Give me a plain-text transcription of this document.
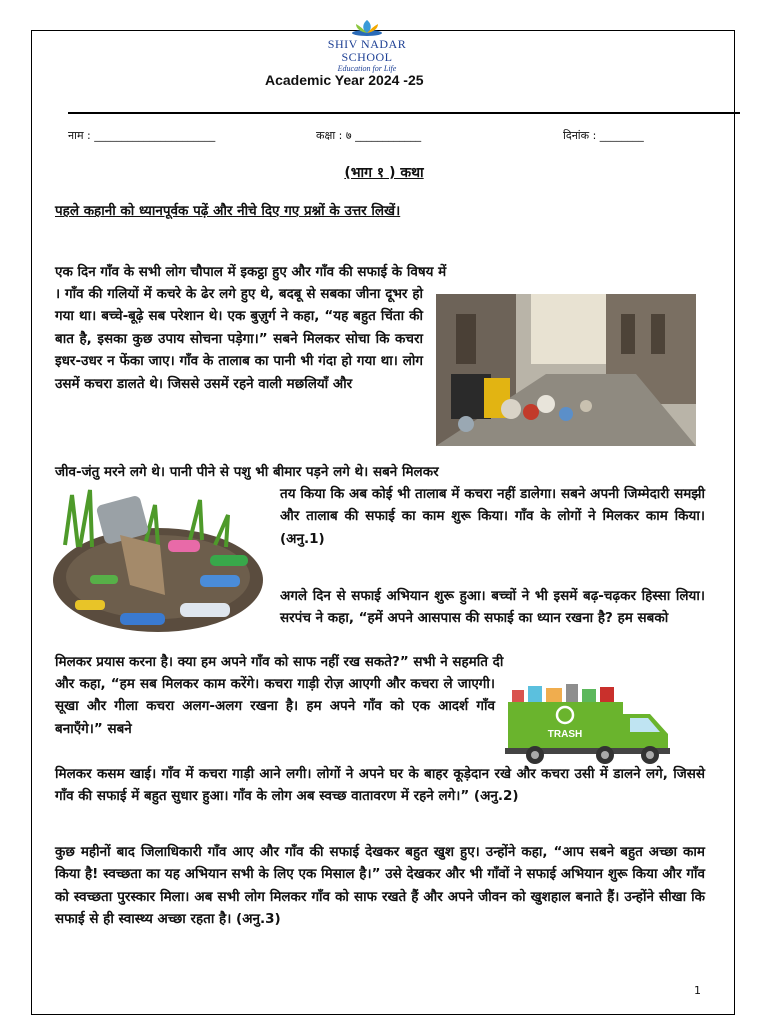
SHIV NADAR SCHOOL
Education for Life
Academic Year 2024 -25
नाम : ______________________	कक्षा : ७ ____________	दिनांक : ________
(भाग १ ) कथा
पहले कहानी को ध्यानपूर्वक पढ़ें और नीचे दिए गए प्रश्नों के उत्तर लिखें।
एक दिन गाँव के सभी लोग चौपाल में इकट्ठा हुए और गाँव की सफाई के विषय में
। गाँव की गलियों में कचरे के ढेर लगे हुए थे, बदबू से सबका जीना दूभर हो गया था। बच्चे-बूढ़े सब परेशान थे। एक बुज़ुर्ग ने कहा, “यह बहुत चिंता की बात है, इसका कुछ उपाय सोचना पड़ेगा।” सबने मिलकर सोचा कि कचरा इधर-उधर न फेंका जाए। गाँव के तालाब का पानी भी गंदा हो गया था। लोग उसमें कचरा डालते थे। जिससे उसमें रहने वाली मछलियाँ और
जीव-जंतु मरने लगे थे। पानी पीने से पशु भी बीमार पड़ने लगे थे। सबने मिलकर
तय किया कि अब कोई भी तालाब में कचरा नहीं डालेगा। सबने अपनी जिम्मेदारी समझी और तालाब की सफाई का काम शुरू किया। गाँव के लोगों ने मिलकर काम किया। (अनु.1)
अगले दिन से सफाई अभियान शुरू हुआ। बच्चों ने भी इसमें बढ़-चढ़कर हिस्सा लिया। सरपंच ने कहा, “हमें अपने आसपास की सफाई का ध्यान रखना है? हम सबको
मिलकर प्रयास करना है। क्या हम अपने गाँव को साफ नहीं रख सकते?” सभी ने सहमति दी
और कहा, “हम सब मिलकर काम करेंगे। कचरा गाड़ी रोज़ आएगी और कचरा ले जाएगी। सूखा और गीला कचरा अलग-अलग रखना है। हम अपने गाँव को एक आदर्श गाँव बनाएँगे।” सबने
मिलकर कसम खाई। गाँव में कचरा गाड़ी आने लगी। लोगों ने अपने घर के बाहर कूड़ेदान रखे और कचरा उसी में डालने लगे, जिससे गाँव की सफाई में बहुत सुधार हुआ। गाँव के लोग अब स्वच्छ वातावरण में रहने लगे।” (अनु.2)
कुछ महीनों बाद जिलाधिकारी गाँव आए और गाँव की सफाई देखकर बहुत खुश हुए। उन्होंने कहा, “आप सबने बहुत अच्छा काम किया है! स्वच्छता का यह अभियान सभी के लिए एक मिसाल है।” उसे देखकर और भी गाँवों ने सफाई अभियान शुरू किया और गाँव को स्वच्छता पुरस्कार मिला। अब सभी लोग मिलकर गाँव को साफ रखते हैं और अपने जीवन को खुशहाल बनाते हैं। उन्होंने सीखा कि सफाई से ही स्वास्थ्य अच्छा रहता है। (अनु.3)
TRASH
1
